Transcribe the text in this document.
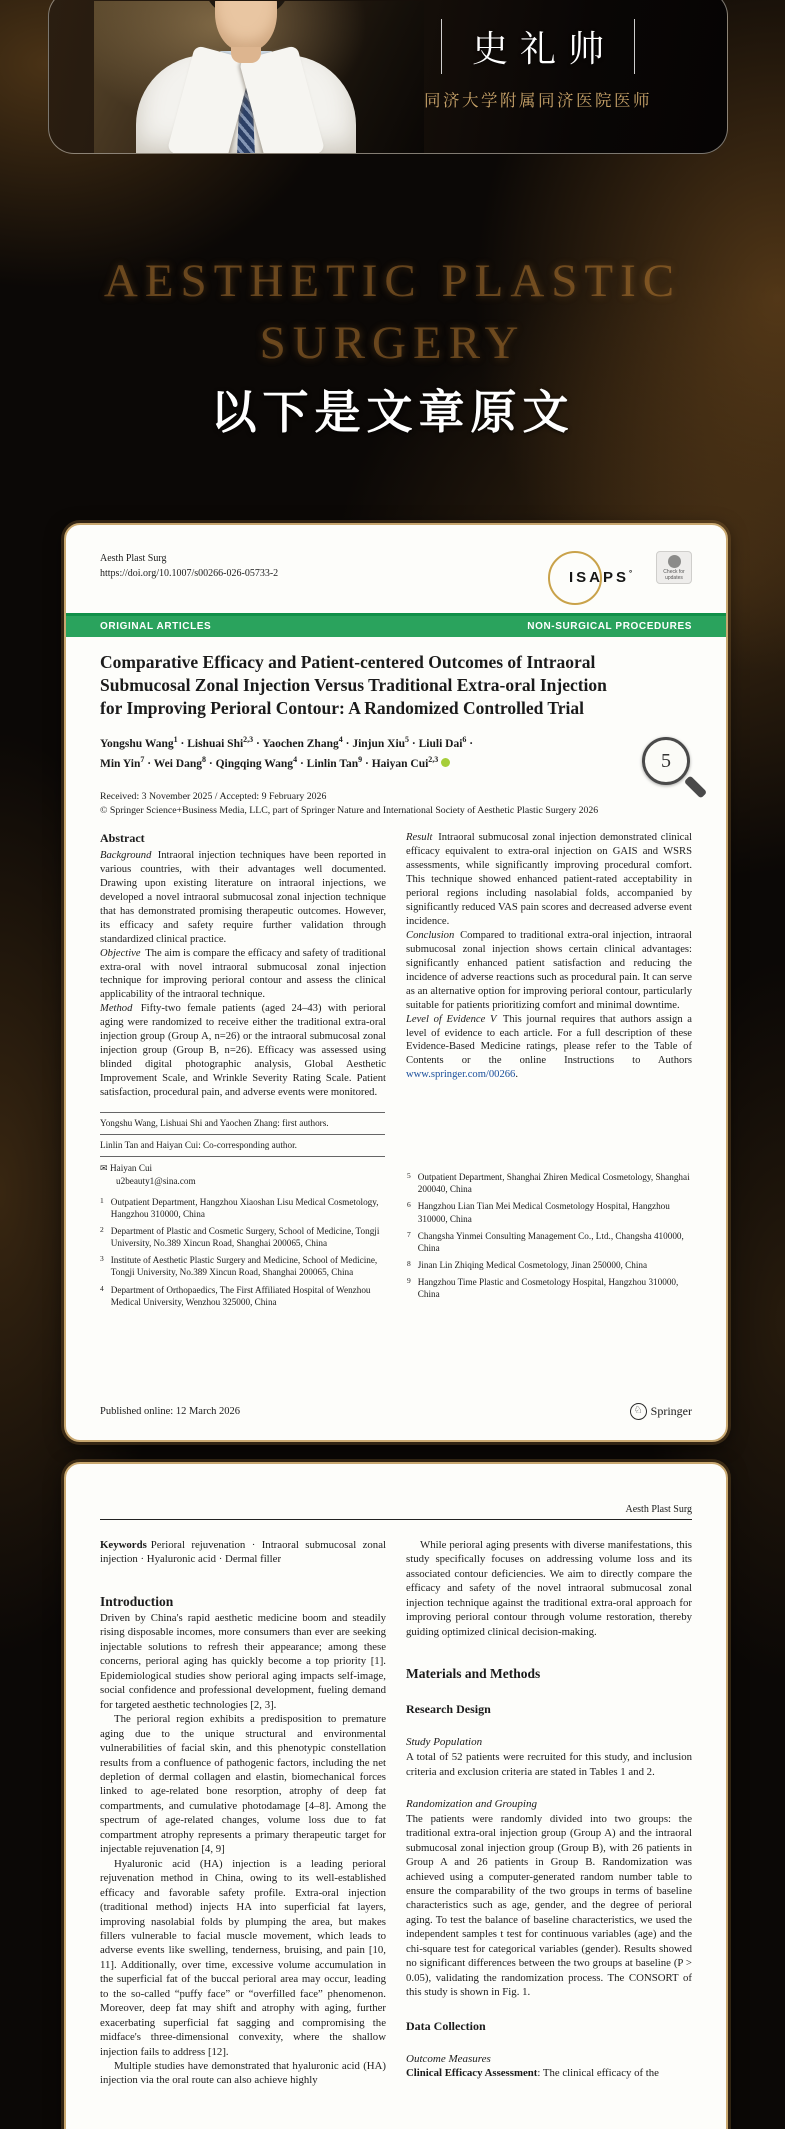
史礼帅
同济大学附属同济医院医师
AESTHETIC PLASTIC
SURGERY
以下是文章原文
Aesth Plast Surg
https://doi.org/10.1007/s00266-026-05733-2	ISAPS°	Check for updates
ORIGINAL ARTICLES	NON-SURGICAL PROCEDURES
Comparative Efficacy and Patient-centered Outcomes of Intraoral Submucosal Zonal Injection Versus Traditional Extra-oral Injection for Improving Perioral Contour: A Randomized Controlled Trial
5
Yongshu Wang$^1$ · Lishuai Shi$^{2,3}$ · Yaochen Zhang$^4$ · Jinjun Xiu$^5$ · Liuli Dai$^6$ ·
Min Yin$^7$ · Wei Dang$^8$ · Qingqing Wang$^4$ · Linlin Tan$^9$ · Haiyan Cui$^{2,3}$
Received: 3 November 2025 / Accepted: 9 February 2026
© Springer Science+Business Media, LLC, part of Springer Nature and International Society of Aesthetic Plastic Surgery 2026
Abstract

Background Intraoral injection techniques have been reported in various countries, with their advantages well documented. Drawing upon existing literature on intraoral injections, we developed a novel intraoral submucosal zonal injection technique that has demonstrated promising therapeutic outcomes. However, its efficacy and safety require further validation through standardized clinical practice.

Objective The aim is compare the efficacy and safety of traditional extra-oral with novel intraoral submucosal zonal injection technique for improving perioral contour and assess the clinical applicability of the intraoral technique.

Method Fifty-two female patients (aged 24–43) with perioral aging were randomized to receive either the traditional extra-oral injection group (Group A, n=26) or the intraoral submucosal zonal injection group (Group B, n=26). Efficacy was assessed using blinded digital photographic analysis, Global Aesthetic Improvement Scale, and Wrinkle Severity Rating Scale. Patient satisfaction, procedural pain, and adverse events were monitored.

Result Intraoral submucosal zonal injection demonstrated clinical efficacy equivalent to extra-oral injection on GAIS and WSRS assessments, while significantly improving procedural comfort. This technique showed enhanced patient-rated acceptability in perioral regions including nasolabial folds, accompanied by significantly reduced VAS pain scores and decreased adverse event incidence.

Conclusion Compared to traditional extra-oral injection, intraoral submucosal zonal injection shows certain clinical advantages: significantly enhanced patient satisfaction and reducing the incidence of adverse reactions such as procedural pain. It can serve as an alternative option for improving perioral contour, particularly suitable for patients prioritizing comfort and minimal downtime.

Level of Evidence V This journal requires that authors assign a level of evidence to each article. For a full description of these Evidence-Based Medicine ratings, please refer to the Table of Contents or the online Instructions to Authors www.springer.com/00266.

Yongshu Wang, Lishuai Shi and Yaochen Zhang: first authors.
Linlin Tan and Haiyan Cui: Co-corresponding author.
✉ Haiyan Cui
u2beauty1@sina.com
1 Outpatient Department, Hangzhou Xiaoshan Lisu Medical Cosmetology, Hangzhou 310000, China
2 Department of Plastic and Cosmetic Surgery, School of Medicine, Tongji University, No.389 Xincun Road, Shanghai 200065, China
3 Institute of Aesthetic Plastic Surgery and Medicine, School of Medicine, Tongji University, No.389 Xincun Road, Shanghai 200065, China
4 Department of Orthopaedics, The First Affiliated Hospital of Wenzhou Medical University, Wenzhou 325000, China
5 Outpatient Department, Shanghai Zhiren Medical Cosmetology, Shanghai 200040, China
6 Hangzhou Lian Tian Mei Medical Cosmetology Hospital, Hangzhou 310000, China
7 Changsha Yinmei Consulting Management Co., Ltd., Changsha 410000, China
8 Jinan Lin Zhiqing Medical Cosmetology, Jinan 250000, China
9 Hangzhou Time Plastic and Cosmetology Hospital, Hangzhou 310000, China
Published online: 12 March 2026	♘ Springer
Aesth Plast Surg

Keywords Perioral rejuvenation · Intraoral submucosal zonal injection · Hyaluronic acid · Dermal filler

Introduction

Driven by China's rapid aesthetic medicine boom and steadily rising disposable incomes, more consumers than ever are seeking injectable solutions to refresh their appearance; among these concerns, perioral aging has quickly become a top priority [1]. Epidemiological studies show perioral aging impacts self-image, social confidence and professional development, fueling demand for targeted aesthetic technologies [2, 3].

The perioral region exhibits a predisposition to premature aging due to the unique structural and environmental vulnerabilities of facial skin, and this phenotypic constellation results from a confluence of pathogenic factors, including the net depletion of dermal collagen and elastin, biomechanical forces linked to age-related bone resorption, atrophy of deep fat compartments, and cumulative photodamage [4–8]. Among the spectrum of age-related changes, volume loss due to fat compartment atrophy represents a primary therapeutic target for injectable rejuvenation [4, 9]

Hyaluronic acid (HA) injection is a leading perioral rejuvenation method in China, owing to its well-established efficacy and favorable safety profile. Extra-oral injection (traditional method) injects HA into superficial fat layers, improving nasolabial folds by plumping the area, but makes fillers vulnerable to facial muscle movement, which leads to adverse events like swelling, tenderness, bruising, and pain [10, 11]. Additionally, over time, excessive volume accumulation in the superficial fat of the buccal perioral area may occur, leading to the so-called “puffy face” or “overfilled face” phenomenon. Moreover, deep fat may shift and atrophy with aging, further exacerbating superficial fat sagging and compromising the midface's three-dimensional convexity, where the shallow injection fails to address [12].

Multiple studies have demonstrated that hyaluronic acid (HA) injection via the oral route can also achieve highly

While perioral aging presents with diverse manifestations, this study specifically focuses on addressing volume loss and its associated contour deficiencies. We aim to directly compare the efficacy and safety of the novel intraoral submucosal zonal injection technique against the traditional extra-oral approach for improving perioral contour through volume restoration, thereby guiding optimized clinical decision-making.

Materials and Methods
Research Design
Study Population

A total of 52 patients were recruited for this study, and inclusion criteria and exclusion criteria are stated in Tables 1 and 2.

Randomization and Grouping

The patients were randomly divided into two groups: the traditional extra-oral injection group (Group A) and the intraoral submucosal zonal injection group (Group B), with 26 patients in Group A and 26 patients in Group B. Randomization was achieved using a computer-generated random number table to ensure the comparability of the two groups in terms of baseline characteristics such as age, gender, and the degree of perioral aging. To test the balance of baseline characteristics, we used the independent samples t test for continuous variables (age) and the chi-square test for categorical variables (gender). Results showed no significant differences between the two groups at baseline (P > 0.05), validating the randomization process. The CONSORT of this study is shown in Fig. 1.

Data Collection
Outcome Measures

Clinical Efficacy Assessment: The clinical efficacy of the
